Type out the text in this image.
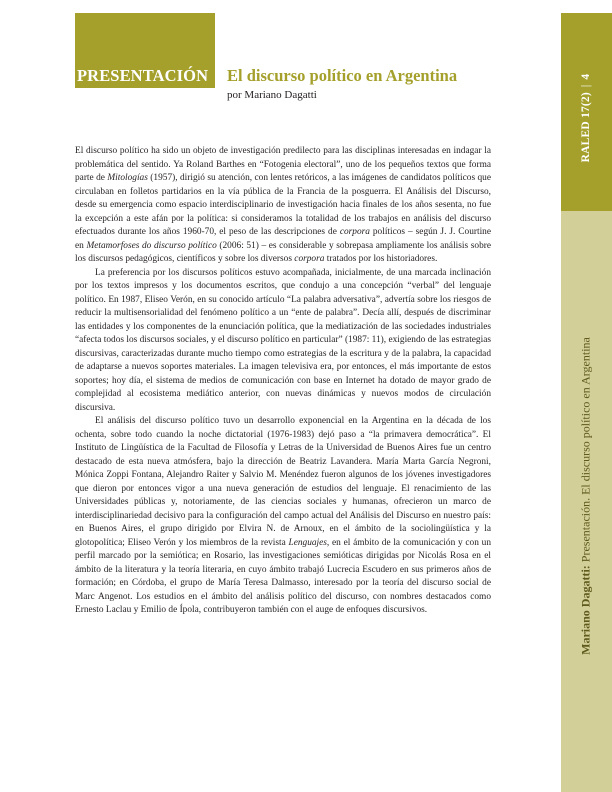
PRESENTACIÓN El discurso político en Argentina
por Mariano Dagatti	RALED 17(2)|4
Mariano Dagatti: Presentación. El discurso político en Argentina

El discurso político ha sido un objeto de investigación predilecto para las disciplinas interesadas en indagar la problemática del sentido. Ya Roland Barthes en “Fotogenia electoral”, uno de los pequeños textos que forma parte de Mitologías (1957), dirigió su atención, con lentes retóricos, a las imágenes de candidatos políticos que circulaban en folletos partidarios en la vía pública de la Francia de la posguerra. El Análisis del Discurso, desde su emergencia como espacio interdisciplinario de investigación hacia finales de los años sesenta, no fue la excepción a este afán por la política: si consideramos la totalidad de los trabajos en análisis del discurso efectuados durante los años 1960-70, el peso de las descripciones de corpora políticos – según J. J. Courtine en Metamorfoses do discurso político (2006: 51) – es considerable y sobrepasa ampliamente los análisis sobre los discursos pedagógicos, científicos y sobre los diversos corpora tratados por los historiadores.

La preferencia por los discursos políticos estuvo acompañada, inicialmente, de una marcada inclinación por los textos impresos y los documentos escritos, que condujo a una concepción “verbal” del lenguaje político. En 1987, Eliseo Verón, en su conocido artículo “La palabra adversativa”, advertía sobre los riesgos de reducir la multisensorialidad del fenómeno político a un “ente de palabra”. Decía allí, después de discriminar las entidades y los componentes de la enunciación política, que la mediatización de las sociedades industriales “afecta todos los discursos sociales, y el discurso político en particular” (1987: 11), exigiendo de las estrategias discursivas, caracterizadas durante mucho tiempo como estrategias de la escritura y de la palabra, la capacidad de adaptarse a nuevos soportes materiales. La imagen televisiva era, por entonces, el más importante de estos soportes; hoy día, el sistema de medios de comunicación con base en Internet ha dotado de mayor grado de complejidad al ecosistema mediático anterior, con nuevas dinámicas y nuevos modos de circulación discursiva.

El análisis del discurso político tuvo un desarrollo exponencial en la Argentina en la década de los ochenta, sobre todo cuando la noche dictatorial (1976-1983) dejó paso a “la primavera democrática”. El Instituto de Lingüística de la Facultad de Filosofía y Letras de la Universidad de Buenos Aires fue un centro destacado de esta nueva atmósfera, bajo la dirección de Beatriz Lavandera. María Marta García Negroni, Mónica Zoppi Fontana, Alejandro Raiter y Salvio M. Menéndez fueron algunos de los jóvenes investigadores que dieron por entonces vigor a una nueva generación de estudios del lenguaje. El renacimiento de las Universidades públicas y, notoriamente, de las ciencias sociales y humanas, ofrecieron un marco de interdisciplinariedad decisivo para la configuración del campo actual del Análisis del Discurso en nuestro país: en Buenos Aires, el grupo dirigido por Elvira N. de Arnoux, en el ámbito de la sociolingüística y la glotopolítica; Eliseo Verón y los miembros de la revista Lenguajes, en el ámbito de la comunicación y con un perfil marcado por la semiótica; en Rosario, las investigaciones semióticas dirigidas por Nicolás Rosa en el ámbito de la literatura y la teoría literaria, en cuyo ámbito trabajó Lucrecia Escudero en sus primeros años de formación; en Córdoba, el grupo de María Teresa Dalmasso, interesado por la teoría del discurso social de Marc Angenot. Los estudios en el ámbito del análisis político del discurso, con nombres destacados como Ernesto Laclau y Emilio de Ípola, contribuyeron también con el auge de enfoques discursivos.
